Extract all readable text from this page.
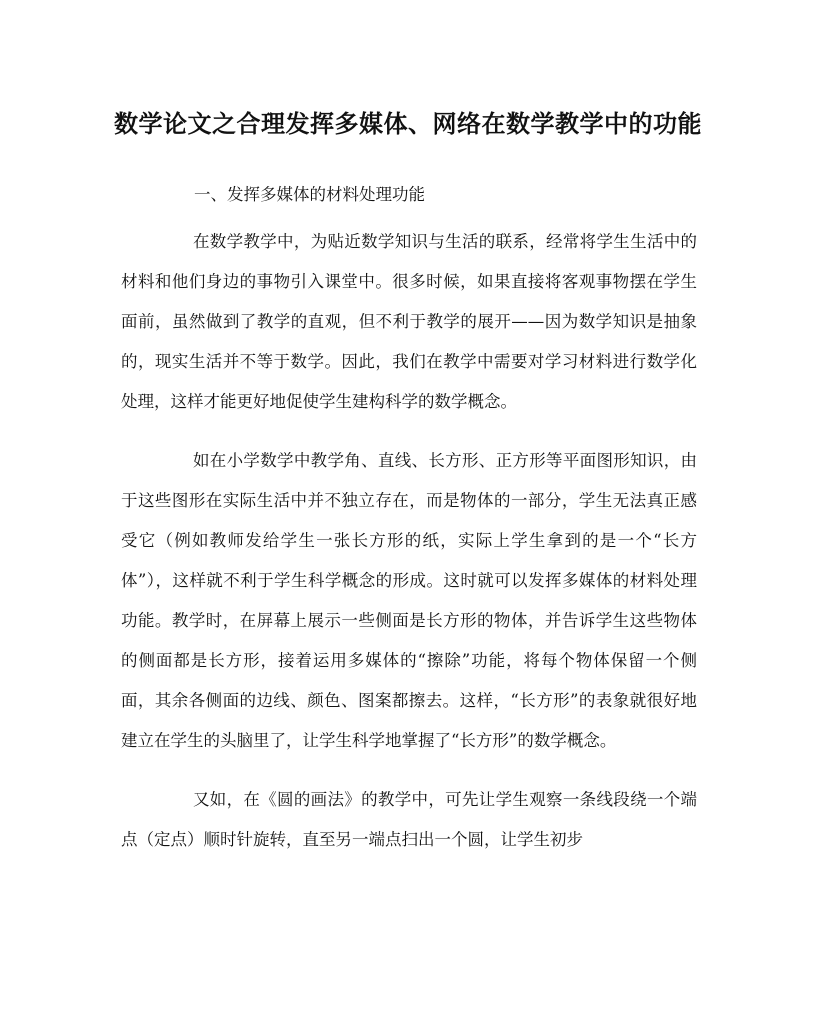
数学论文之合理发挥多媒体、网络在数学教学中的功能
一、发挥多媒体的材料处理功能

在数学教学中，为贴近数学知识与生活的联系，经常将学生生活中的材料和他们身边的事物引入课堂中。很多时候，如果直接将客观事物摆在学生面前，虽然做到了教学的直观，但不利于教学的展开——因为数学知识是抽象的，现实生活并不等于数学。因此，我们在教学中需要对学习材料进行数学化处理，这样才能更好地促使学生建构科学的数学概念。

如在小学数学中教学角、直线、长方形、正方形等平面图形知识，由于这些图形在实际生活中并不独立存在，而是物体的一部分，学生无法真正感受它（例如教师发给学生一张长方形的纸，实际上学生拿到的是一个“长方体”），这样就不利于学生科学概念的形成。这时就可以发挥多媒体的材料处理功能。教学时，在屏幕上展示一些侧面是长方形的物体，并告诉学生这些物体的侧面都是长方形，接着运用多媒体的“擦除”功能，将每个物体保留一个侧面，其余各侧面的边线、颜色、图案都擦去。这样，“长方形”的表象就很好地建立在学生的头脑里了，让学生科学地掌握了“长方形”的数学概念。

又如，在《圆的画法》的教学中，可先让学生观察一条线段绕一个端点（定点）顺时针旋转，直至另一端点扫出一个圆，让学生初步
